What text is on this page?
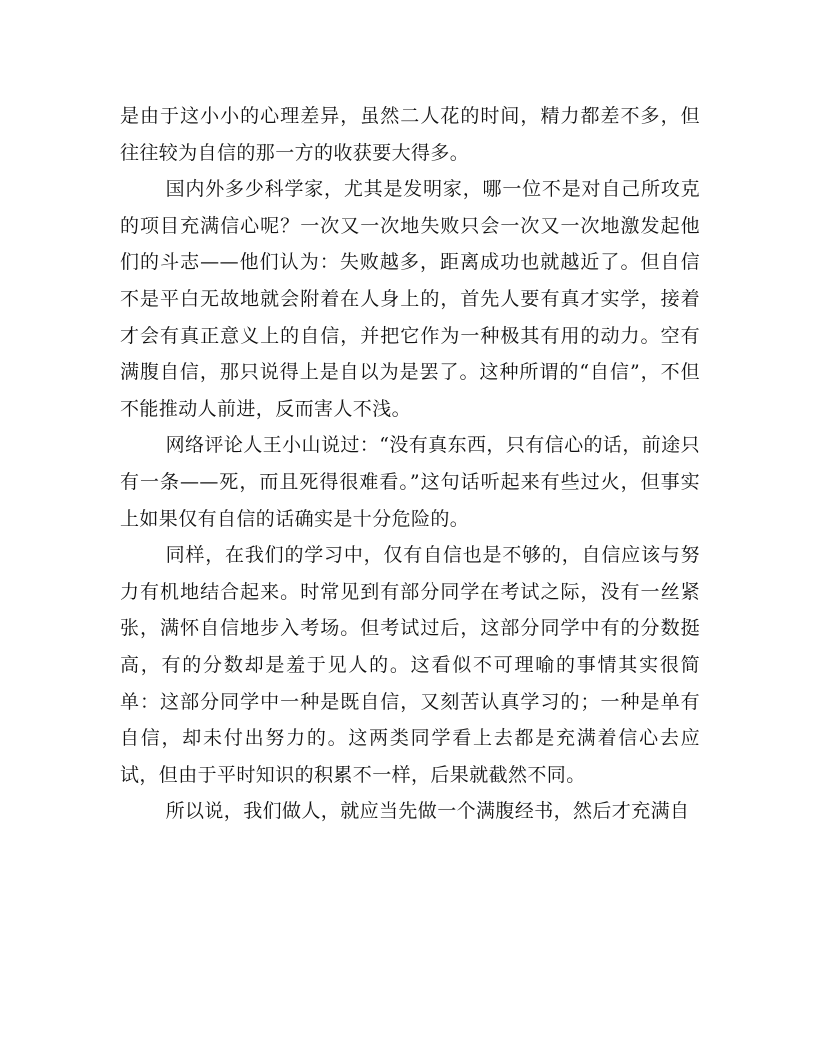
是由于这小小的心理差异，虽然二人花的时间，精力都差不多，但往往较为自信的那一方的收获要大得多。

国内外多少科学家，尤其是发明家，哪一位不是对自己所攻克的项目充满信心呢？一次又一次地失败只会一次又一次地激发起他们的斗志——他们认为：失败越多，距离成功也就越近了。但自信不是平白无故地就会附着在人身上的，首先人要有真才实学，接着才会有真正意义上的自信，并把它作为一种极其有用的动力。空有满腹自信，那只说得上是自以为是罢了。这种所谓的“自信”，不但不能推动人前进，反而害人不浅。

网络评论人王小山说过：“没有真东西，只有信心的话，前途只有一条——死，而且死得很难看。”这句话听起来有些过火，但事实上如果仅有自信的话确实是十分危险的。

同样，在我们的学习中，仅有自信也是不够的，自信应该与努力有机地结合起来。时常见到有部分同学在考试之际，没有一丝紧张，满怀自信地步入考场。但考试过后，这部分同学中有的分数挺高，有的分数却是羞于见人的。这看似不可理喻的事情其实很简单：这部分同学中一种是既自信，又刻苦认真学习的；一种是单有自信，却未付出努力的。这两类同学看上去都是充满着信心去应试，但由于平时知识的积累不一样，后果就截然不同。

所以说，我们做人，就应当先做一个满腹经书，然后才充满自
